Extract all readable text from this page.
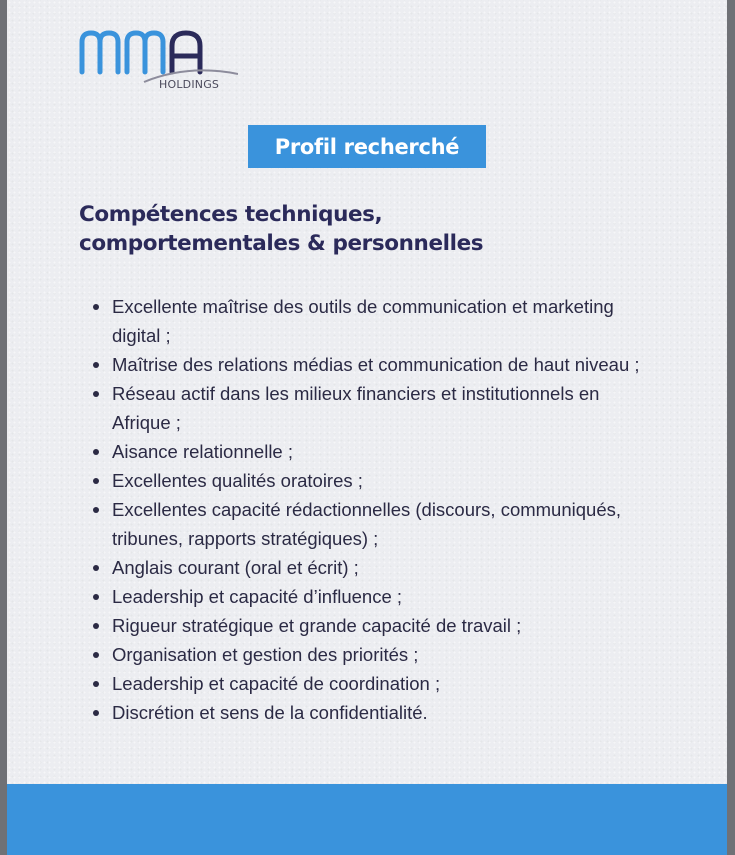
HOLDINGS
Profil recherché
Compétences techniques,
comportementales & personnelles
Excellente maîtrise des outils de communication et marketing digital ;
Maîtrise des relations médias et communication de haut niveau ;
Réseau actif dans les milieux financiers et institutionnels en Afrique ;
Aisance relationnelle ;
Excellentes qualités oratoires ;
Excellentes capacité rédactionnelles (discours, communiqués, tribunes, rapports stratégiques) ;
Anglais courant (oral et écrit) ;
Leadership et capacité d’influence ;
Rigueur stratégique et grande capacité de travail ;
Organisation et gestion des priorités ;
Leadership et capacité de coordination ;
Discrétion et sens de la confidentialité.
